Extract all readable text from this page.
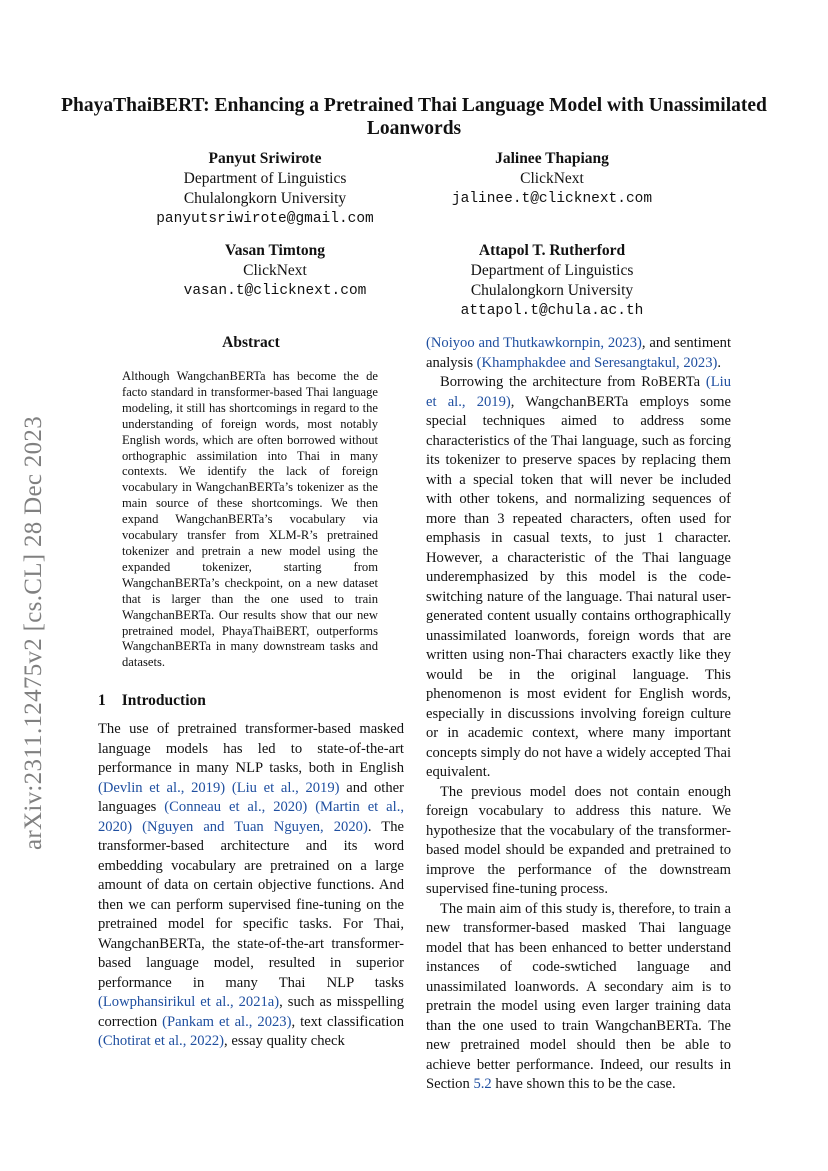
arXiv:2311.12475v2 [cs.CL] 28 Dec 2023
PhayaThaiBERT: Enhancing a Pretrained Thai Language Model with Unassimilated Loanwords
Panyut Sriwirote
Department of Linguistics
Chulalongkorn University
panyutsriwirote@gmail.com
Jalinee Thapiang
ClickNext
jalinee.t@clicknext.com
Vasan Timtong
ClickNext
vasan.t@clicknext.com
Attapol T. Rutherford
Department of Linguistics
Chulalongkorn University
attapol.t@chula.ac.th
Abstract
Although WangchanBERTa has become the de facto standard in transformer-based Thai language modeling, it still has shortcomings in regard to the understanding of foreign words, most notably English words, which are often borrowed without orthographic assimilation into Thai in many contexts. We identify the lack of foreign vocabulary in WangchanBERTa’s tokenizer as the main source of these shortcomings. We then expand WangchanBERTa’s vocabulary via vocabulary transfer from XLM-R’s pretrained tokenizer and pretrain a new model using the expanded tokenizer, starting from WangchanBERTa’s checkpoint, on a new dataset that is larger than the one used to train WangchanBERTa. Our results show that our new pretrained model, PhayaThaiBERT, outperforms WangchanBERTa in many downstream tasks and datasets.
1 Introduction

The use of pretrained transformer-based masked language models has led to state-of-the-art performance in many NLP tasks, both in English (Devlin et al., 2019) (Liu et al., 2019) and other languages (Conneau et al., 2020) (Martin et al., 2020) (Nguyen and Tuan Nguyen, 2020). The transformer-based architecture and its word embedding vocabulary are pretrained on a large amount of data on certain objective functions. And then we can perform supervised fine-tuning on the pretrained model for specific tasks. For Thai, WangchanBERTa, the state-of-the-art transformer-based language model, resulted in superior performance in many Thai NLP tasks (Lowphansirikul et al., 2021a), such as misspelling correction (Pankam et al., 2023), text classification (Chotirat et al., 2022), essay quality check

(Noiyoo and Thutkawkornpin, 2023), and sentiment analysis (Khamphakdee and Seresangtakul, 2023).

Borrowing the architecture from RoBERTa (Liu et al., 2019), WangchanBERTa employs some special techniques aimed to address some characteristics of the Thai language, such as forcing its tokenizer to preserve spaces by replacing them with a special token that will never be included with other tokens, and normalizing sequences of more than 3 repeated characters, often used for emphasis in casual texts, to just 1 character. However, a characteristic of the Thai language underemphasized by this model is the code-switching nature of the language. Thai natural user-generated content usually contains orthographically unassimilated loanwords, foreign words that are written using non-Thai characters exactly like they would be in the original language. This phenomenon is most evident for English words, especially in discussions involving foreign culture or in academic context, where many important concepts simply do not have a widely accepted Thai equivalent.

The previous model does not contain enough foreign vocabulary to address this nature. We hypothesize that the vocabulary of the transformer-based model should be expanded and pretrained to improve the performance of the downstream supervised fine-tuning process.

The main aim of this study is, therefore, to train a new transformer-based masked Thai language model that has been enhanced to better understand instances of code-swtiched language and unassimilated loanwords. A secondary aim is to pretrain the model using even larger training data than the one used to train WangchanBERTa. The new pretrained model should then be able to achieve better performance. Indeed, our results in Section 5.2 have shown this to be the case.
